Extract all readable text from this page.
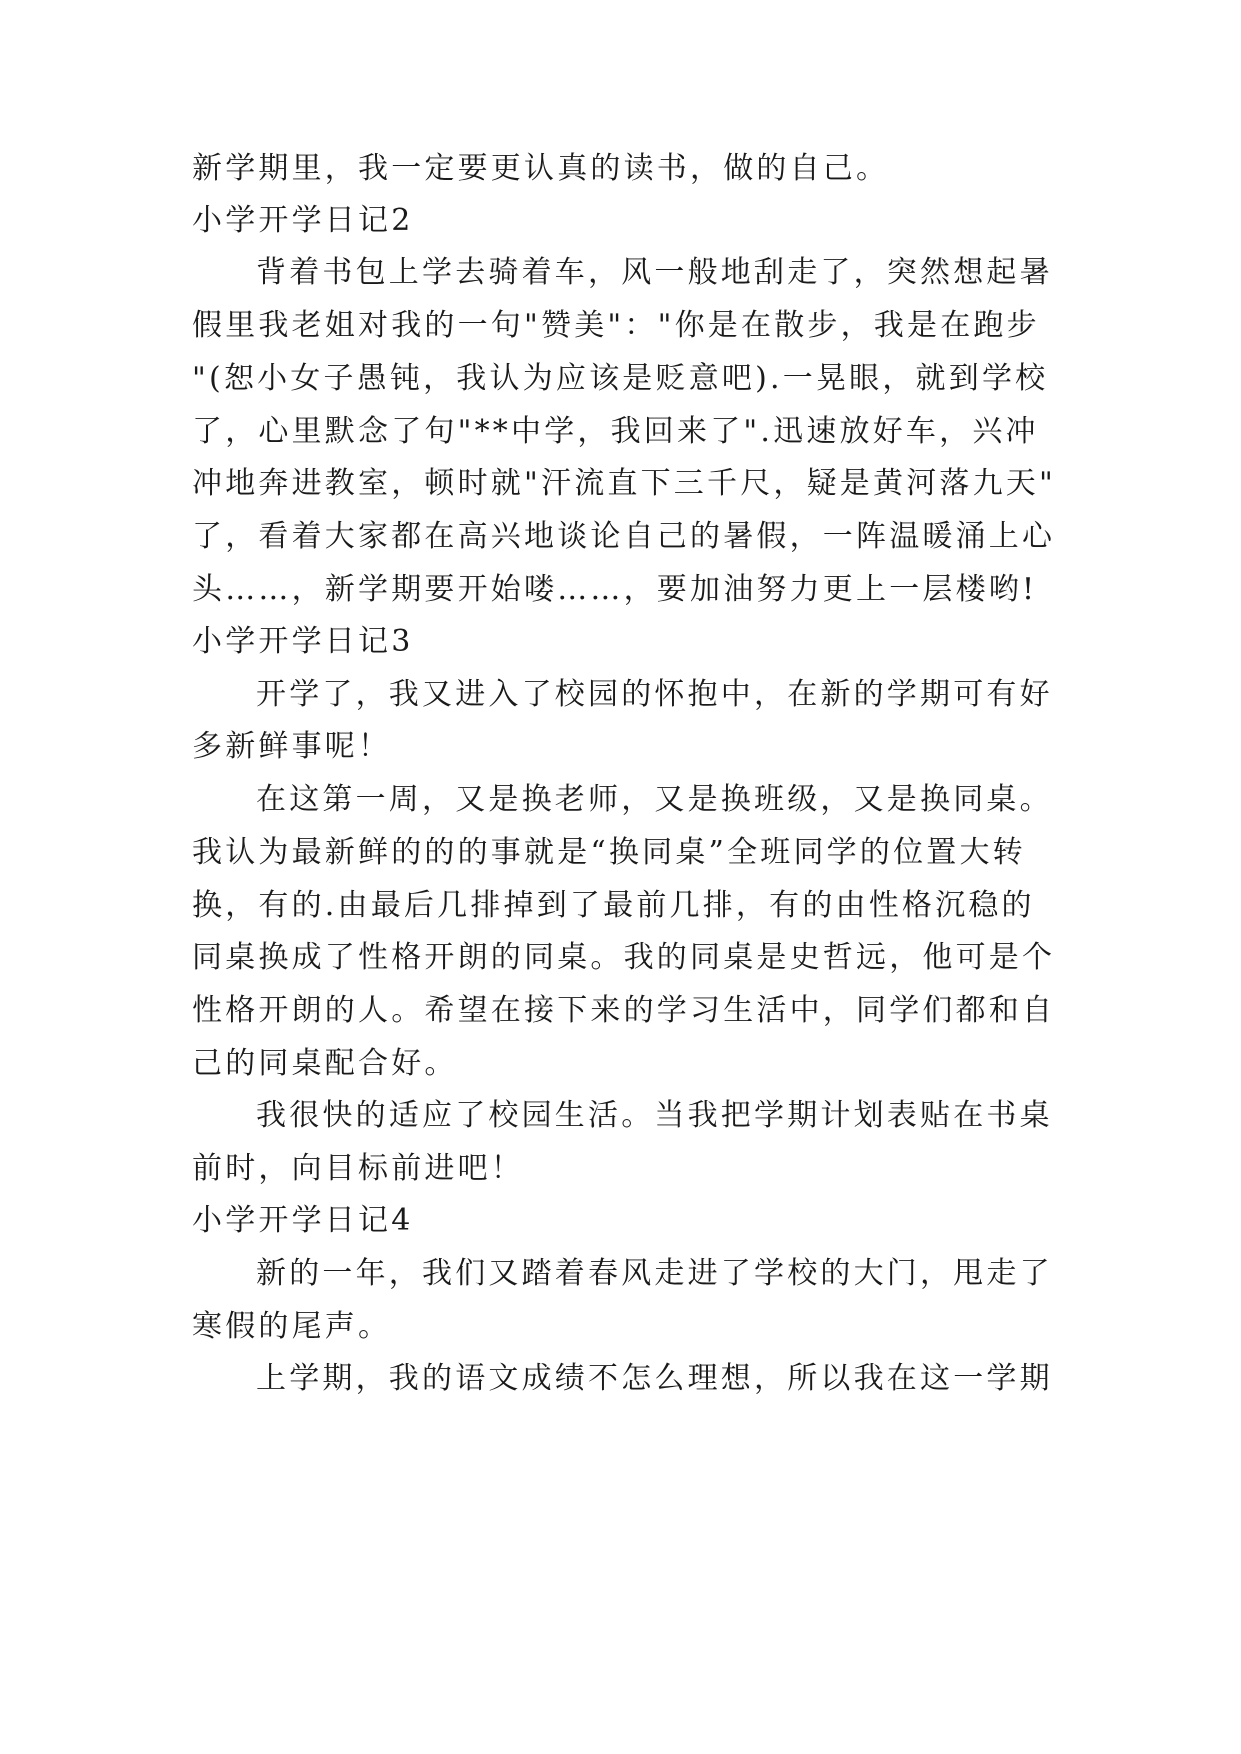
新学期里，我一定要更认真的读书，做的自己。
小学开学日记2
背着书包上学去骑着车，风一般地刮走了，突然想起暑
假里我老姐对我的一句"赞美"："你是在散步，我是在跑步
"(恕小女子愚钝，我认为应该是贬意吧).一晃眼，就到学校
了，心里默念了句"**中学，我回来了".迅速放好车，兴冲
冲地奔进教室，顿时就"汗流直下三千尺，疑是黄河落九天"
了，看着大家都在高兴地谈论自己的暑假，一阵温暖涌上心
头……，新学期要开始喽……，要加油努力更上一层楼哟!
小学开学日记3
开学了，我又进入了校园的怀抱中，在新的学期可有好
多新鲜事呢！
在这第一周，又是换老师，又是换班级，又是换同桌。
我认为最新鲜的的的事就是“换同桌”全班同学的位置大转
换，有的.由最后几排掉到了最前几排，有的由性格沉稳的
同桌换成了性格开朗的同桌。我的同桌是史哲远，他可是个
性格开朗的人。希望在接下来的学习生活中，同学们都和自
己的同桌配合好。
我很快的适应了校园生活。当我把学期计划表贴在书桌
前时，向目标前进吧！
小学开学日记4
新的一年，我们又踏着春风走进了学校的大门，甩走了
寒假的尾声。
上学期，我的语文成绩不怎么理想，所以我在这一学期
